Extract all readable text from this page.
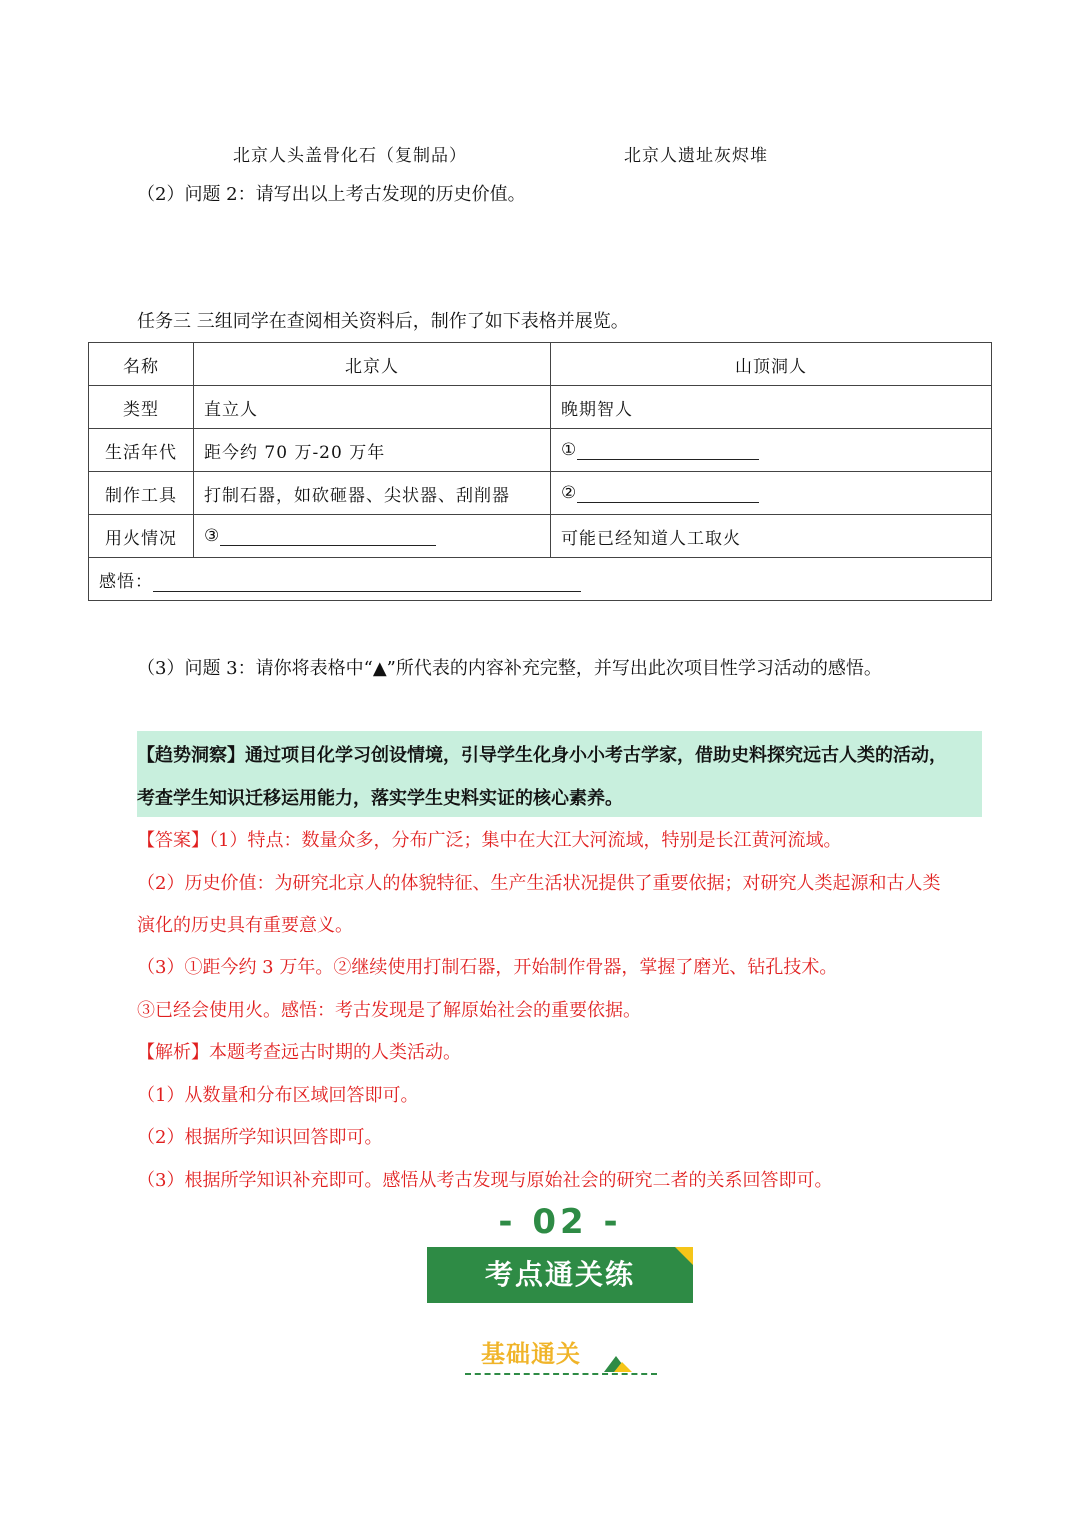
北京人头盖骨化石（复制品）	北京人遗址灰烬堆
（2）问题 2：请写出以上考古发现的历史价值。
任务三 三组同学在查阅相关资料后，制作了如下表格并展览。
名称	北京人	山顶洞人
类型	直立人	晚期智人
生活年代	距今约 70 万-20 万年	①
制作工具	打制石器，如砍砸器、尖状器、刮削器	②
用火情况	③	可能已经知道人工取火
感悟：		
（3）问题 3：请你将表格中“▲”所代表的内容补充完整，并写出此次项目性学习活动的感悟。

【趋势洞察】通过项目化学习创设情境，引导学生化身小小考古学家，借助史料探究远古人类的活动，

考查学生知识迁移运用能力，落实学生史料实证的核心素养。

【答案】（1）特点：数量众多，分布广泛；集中在大江大河流域，特别是长江黄河流域。
（2）历史价值：为研究北京人的体貌特征、生产生活状况提供了重要依据；对研究人类起源和古人类
演化的历史具有重要意义。
（3）①距今约 3 万年。②继续使用打制石器，开始制作骨器，掌握了磨光、钻孔技术。
③已经会使用火。感悟：考古发现是了解原始社会的重要依据。
【解析】本题考查远古时期的人类活动。
（1）从数量和分布区域回答即可。
（2）根据所学知识回答即可。
（3）根据所学知识补充即可。感悟从考古发现与原始社会的研究二者的关系回答即可。
- 02 -
考点通关练
基础通关
